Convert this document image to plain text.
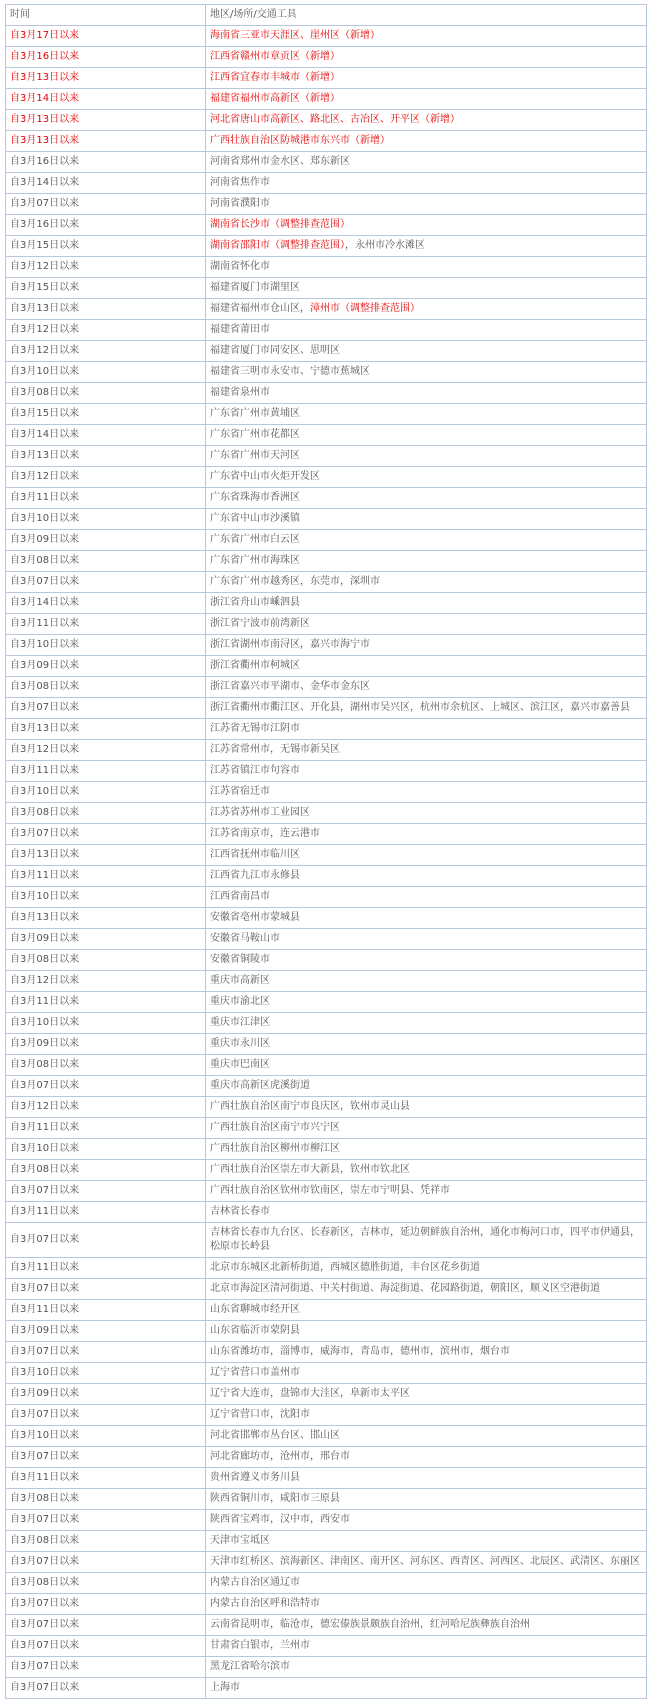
时间	地区/场所/交通工具
自3月17日以来	海南省三亚市天涯区、崖州区（新增）
自3月16日以来	江西省赣州市章贡区（新增）
自3月13日以来	江西省宜春市丰城市（新增）
自3月14日以来	福建省福州市高新区（新增）
自3月13日以来	河北省唐山市高新区、路北区、古冶区、开平区（新增）
自3月13日以来	广西壮族自治区防城港市东兴市（新增）
自3月16日以来	河南省郑州市金水区、郑东新区
自3月14日以来	河南省焦作市
自3月07日以来	河南省濮阳市
自3月16日以来	湖南省长沙市（调整排查范围）
自3月15日以来	湖南省邵阳市（调整排查范围），永州市冷水滩区
自3月12日以来	湖南省怀化市
自3月15日以来	福建省厦门市湖里区
自3月13日以来	福建省福州市仓山区，漳州市（调整排查范围）
自3月12日以来	福建省莆田市
自3月12日以来	福建省厦门市同安区、思明区
自3月10日以来	福建省三明市永安市、宁德市蕉城区
自3月08日以来	福建省泉州市
自3月15日以来	广东省广州市黄埔区
自3月14日以来	广东省广州市花都区
自3月13日以来	广东省广州市天河区
自3月12日以来	广东省中山市火炬开发区
自3月11日以来	广东省珠海市香洲区
自3月10日以来	广东省中山市沙溪镇
自3月09日以来	广东省广州市白云区
自3月08日以来	广东省广州市海珠区
自3月07日以来	广东省广州市越秀区，东莞市，深圳市
自3月14日以来	浙江省舟山市嵊泗县
自3月11日以来	浙江省宁波市前湾新区
自3月10日以来	浙江省湖州市南浔区，嘉兴市海宁市
自3月09日以来	浙江省衢州市柯城区
自3月08日以来	浙江省嘉兴市平湖市、金华市金东区
自3月07日以来	浙江省衢州市衢江区、开化县，湖州市吴兴区，杭州市余杭区、上城区、滨江区，嘉兴市嘉善县
自3月13日以来	江苏省无锡市江阴市
自3月12日以来	江苏省常州市，无锡市新吴区
自3月11日以来	江苏省镇江市句容市
自3月10日以来	江苏省宿迁市
自3月08日以来	江苏省苏州市工业园区
自3月07日以来	江苏省南京市，连云港市
自3月13日以来	江西省抚州市临川区
自3月11日以来	江西省九江市永修县
自3月10日以来	江西省南昌市
自3月13日以来	安徽省亳州市蒙城县
自3月09日以来	安徽省马鞍山市
自3月08日以来	安徽省铜陵市
自3月12日以来	重庆市高新区
自3月11日以来	重庆市渝北区
自3月10日以来	重庆市江津区
自3月09日以来	重庆市永川区
自3月08日以来	重庆市巴南区
自3月07日以来	重庆市高新区虎溪街道
自3月12日以来	广西壮族自治区南宁市良庆区，钦州市灵山县
自3月11日以来	广西壮族自治区南宁市兴宁区
自3月10日以来	广西壮族自治区柳州市柳江区
自3月08日以来	广西壮族自治区崇左市大新县，钦州市钦北区
自3月07日以来	广西壮族自治区钦州市钦南区，崇左市宁明县、凭祥市
自3月11日以来	吉林省长春市
自3月07日以来	吉林省长春市九台区、长春新区，吉林市，延边朝鲜族自治州，通化市梅河口市，四平市伊通县，松原市长岭县
自3月11日以来	北京市东城区北新桥街道，西城区德胜街道，丰台区花乡街道
自3月07日以来	北京市海淀区清河街道、中关村街道、海淀街道、花园路街道，朝阳区，顺义区空港街道
自3月11日以来	山东省聊城市经开区
自3月09日以来	山东省临沂市蒙阴县
自3月07日以来	山东省潍坊市，淄博市，威海市，青岛市，德州市，滨州市，烟台市
自3月10日以来	辽宁省营口市盖州市
自3月09日以来	辽宁省大连市，盘锦市大洼区，阜新市太平区
自3月07日以来	辽宁省营口市，沈阳市
自3月10日以来	河北省邯郸市丛台区、邯山区
自3月07日以来	河北省廊坊市，沧州市，邢台市
自3月11日以来	贵州省遵义市务川县
自3月08日以来	陕西省铜川市，咸阳市三原县
自3月07日以来	陕西省宝鸡市，汉中市，西安市
自3月08日以来	天津市宝坻区
自3月07日以来	天津市红桥区、滨海新区、津南区、南开区、河东区、西青区、河西区、北辰区、武清区、东丽区
自3月08日以来	内蒙古自治区通辽市
自3月07日以来	内蒙古自治区呼和浩特市
自3月07日以来	云南省昆明市，临沧市，德宏傣族景颇族自治州，红河哈尼族彝族自治州
自3月07日以来	甘肃省白银市，兰州市
自3月07日以来	黑龙江省哈尔滨市
自3月07日以来	上海市
